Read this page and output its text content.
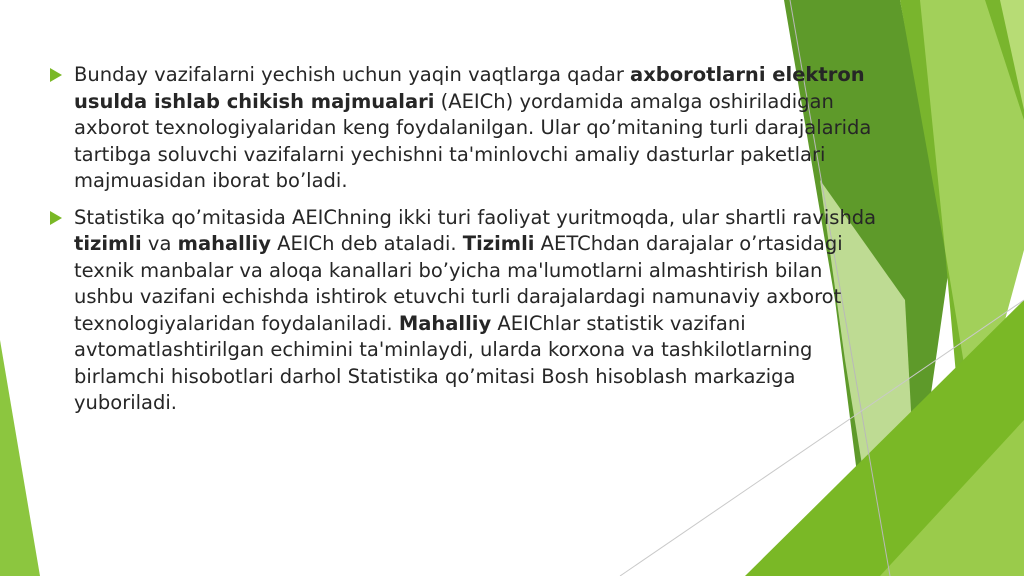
Bunday vazifalarni yechish uchun yaqin vaqtlarga qadar axborotlarni elektron usulda ishlab chikish majmualari (AEICh) yordamida amalga oshiriladigan axborot texnologiyalaridan keng foydalanilgan. Ular qo’mitaning turli darajalarida tartibga soluvchi vazifalarni yechishni ta'minlovchi amaliy dasturlar paketlari majmuasidan iborat bo’ladi.
Statistika qo’mitasida AEIChning ikki turi faoliyat yuritmoqda, ular shartli ravishda tizimli va mahalliy AEICh deb ataladi. Tizimli AETChdan darajalar o’rtasidagi texnik manbalar va aloqa kanallari bo’yicha ma'lumotlarni almashtirish bilan ushbu vazifani echishda ishtirok etuvchi turli darajalardagi namunaviy axborot texnologiyalaridan foydalaniladi. Mahalliy AEIChlar statistik vazifani avtomatlashtirilgan echimini ta'minlaydi, ularda korxona va tashkilotlarning birlamchi hisobotlari darhol Statistika qo’mitasi Bosh hisoblash markaziga yuboriladi.
